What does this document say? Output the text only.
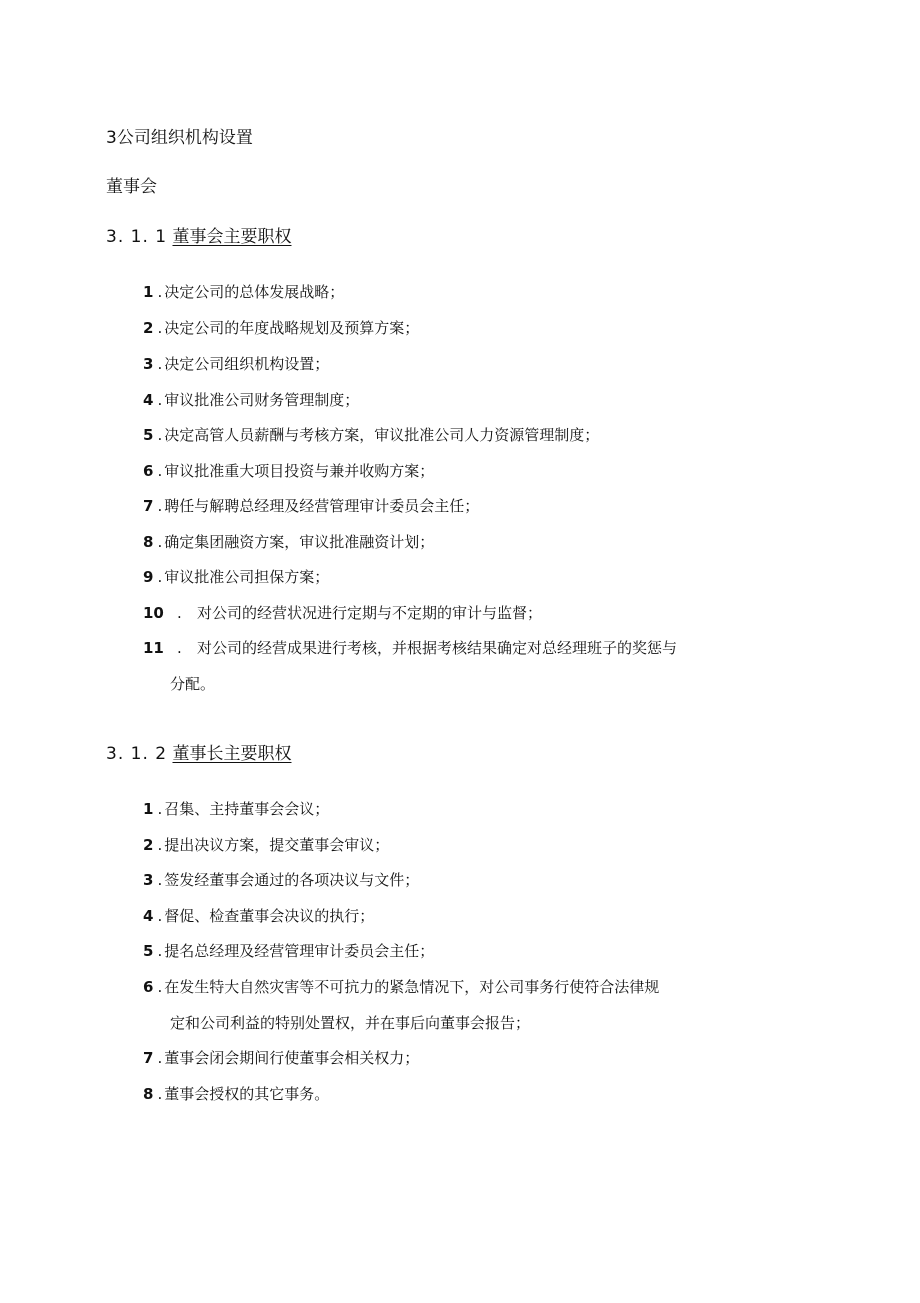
3公司组织机构设置
董事会
3. 1. 1 董事会主要职权
1 . 决定公司的总体发展战略；
2 . 决定公司的年度战略规划及预算方案；
3 . 决定公司组织机构设置；
4 . 审议批准公司财务管理制度；
5 . 决定高管人员薪酬与考核方案，审议批准公司人力资源管理制度；
6 . 审议批准重大项目投资与兼并收购方案；
7 . 聘任与解聘总经理及经营管理审计委员会主任；
8 . 确定集团融资方案，审议批准融资计划；
9 . 审议批准公司担保方案；
10 . 对公司的经营状况进行定期与不定期的审计与监督；
11 . 对公司的经营成果进行考核，并根据考核结果确定对总经理班子的奖惩与
分配。
3. 1. 2 董事长主要职权
1 . 召集、主持董事会会议；
2 . 提出决议方案，提交董事会审议；
3 . 签发经董事会通过的各项决议与文件；
4 . 督促、检查董事会决议的执行；
5 . 提名总经理及经营管理审计委员会主任；
6 . 在发生特大自然灾害等不可抗力的紧急情况下，对公司事务行使符合法律规
定和公司利益的特别处置权，并在事后向董事会报告；
7 . 董事会闭会期间行使董事会相关权力；
8 . 董事会授权的其它事务。
